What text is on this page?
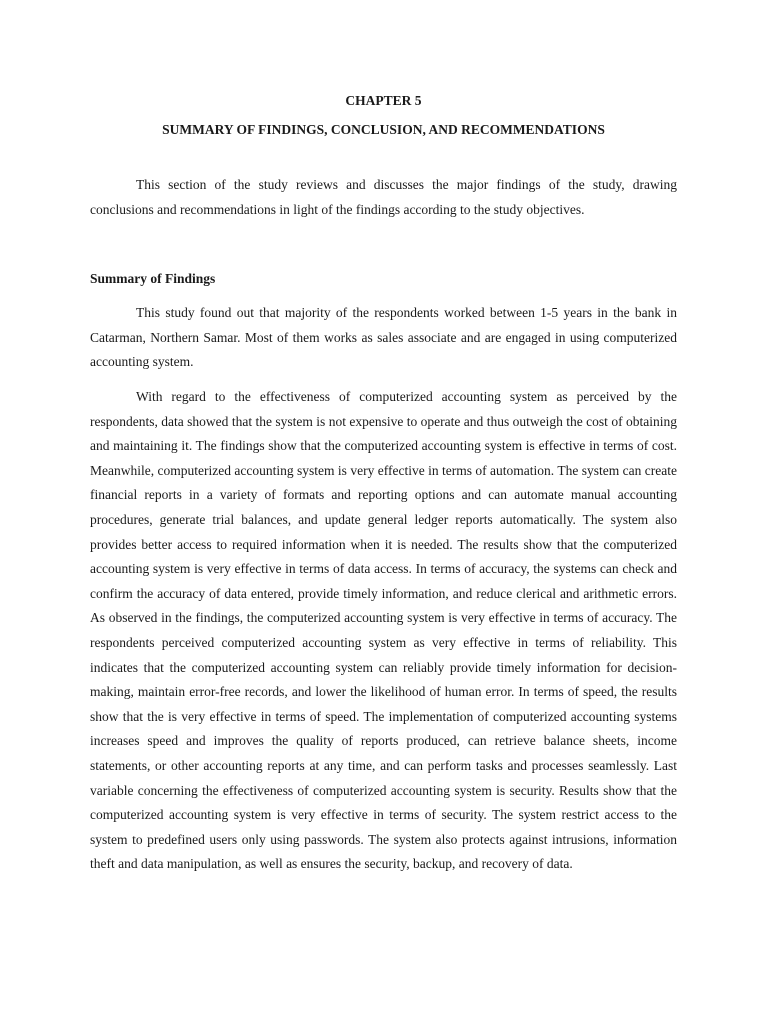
CHAPTER 5
SUMMARY OF FINDINGS, CONCLUSION, AND RECOMMENDATIONS

This section of the study reviews and discusses the major findings of the study, drawing conclusions and recommendations in light of the findings according to the study objectives.

Summary of Findings

This study found out that majority of the respondents worked between 1-5 years in the bank in Catarman, Northern Samar. Most of them works as sales associate and are engaged in using computerized accounting system.

With regard to the effectiveness of computerized accounting system as perceived by the respondents, data showed that the system is not expensive to operate and thus outweigh the cost of obtaining and maintaining it. The findings show that the computerized accounting system is effective in terms of cost. Meanwhile, computerized accounting system is very effective in terms of automation. The system can create financial reports in a variety of formats and reporting options and can automate manual accounting procedures, generate trial balances, and update general ledger reports automatically. The system also provides better access to required information when it is needed. The results show that the computerized accounting system is very effective in terms of data access. In terms of accuracy, the systems can check and confirm the accuracy of data entered, provide timely information, and reduce clerical and arithmetic errors. As observed in the findings, the computerized accounting system is very effective in terms of accuracy. The respondents perceived computerized accounting system as very effective in terms of reliability. This indicates that the computerized accounting system can reliably provide timely information for decision-making, maintain error-free records, and lower the likelihood of human error. In terms of speed, the results show that the is very effective in terms of speed. The implementation of computerized accounting systems increases speed and improves the quality of reports produced, can retrieve balance sheets, income statements, or other accounting reports at any time, and can perform tasks and processes seamlessly. Last variable concerning the effectiveness of computerized accounting system is security. Results show that the computerized accounting system is very effective in terms of security. The system restrict access to the system to predefined users only using passwords. The system also protects against intrusions, information theft and data manipulation, as well as ensures the security, backup, and recovery of data.
